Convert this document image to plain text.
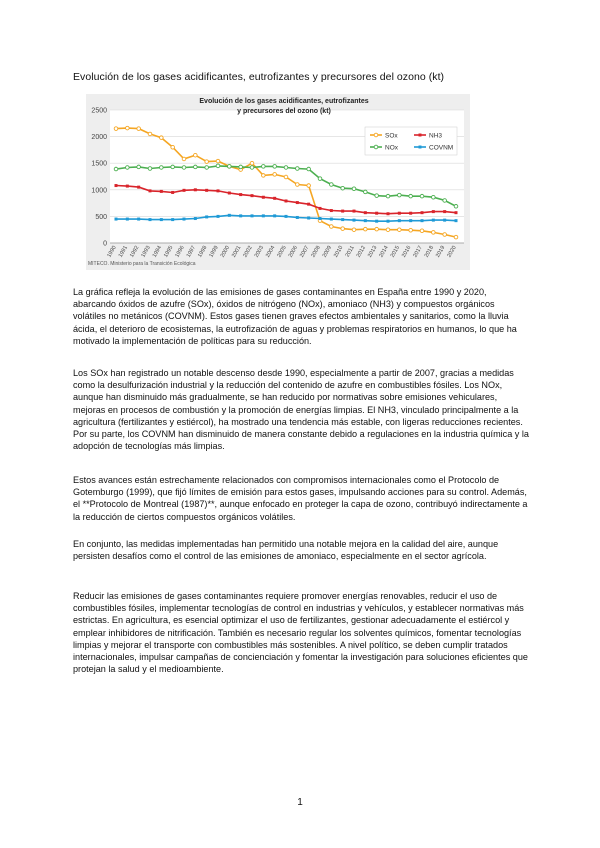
Evolución de los gases acidificantes, eutrofizantes y precursores del ozono (kt)
Evolución de los gases acidificantes, eutrofizantes
y precursores del ozono (kt)
0
500
1000
1500
2000
2500
1990 1991 1992 1993 1994 1995 1996 1997 1998 1999 2000 2001 2002 2003 2004 2005 2006 2007 2008 2009 2010 2011 2012 2013 2014 2015 2016 2017 2018 2019 2020
SOx	NH3
NOx	COVNM
MITECO. Ministerio para la Transición Ecológica

La gráfica refleja la evolución de las emisiones de gases contaminantes en España entre 1990 y 2020, abarcando óxidos de azufre (SOx), óxidos de nitrógeno (NOx), amoniaco (NH3) y compuestos orgánicos volátiles no metánicos (COVNM). Estos gases tienen graves efectos ambientales y sanitarios, como la lluvia ácida, el deterioro de ecosistemas, la eutrofización de aguas y problemas respiratorios en humanos, lo que ha motivado la implementación de políticas para su reducción.

Los SOx han registrado un notable descenso desde 1990, especialmente a partir de 2007, gracias a medidas como la desulfurización industrial y la reducción del contenido de azufre en combustibles fósiles. Los NOx, aunque han disminuido más gradualmente, se han reducido por normativas sobre emisiones vehiculares, mejoras en procesos de combustión y la promoción de energías limpias. El NH3, vinculado principalmente a la agricultura (fertilizantes y estiércol), ha mostrado una tendencia más estable, con ligeras reducciones recientes. Por su parte, los COVNM han disminuido de manera constante debido a regulaciones en la industria química y la adopción de tecnologías más limpias.

Estos avances están estrechamente relacionados con compromisos internacionales como el Protocolo de Gotemburgo (1999), que fijó límites de emisión para estos gases, impulsando acciones para su control. Además, el **Protocolo de Montreal (1987)**, aunque enfocado en proteger la capa de ozono, contribuyó indirectamente a la reducción de ciertos compuestos orgánicos volátiles.

En conjunto, las medidas implementadas han permitido una notable mejora en la calidad del aire, aunque persisten desafíos como el control de las emisiones de amoniaco, especialmente en el sector agrícola.

Reducir las emisiones de gases contaminantes requiere promover energías renovables, reducir el uso de combustibles fósiles, implementar tecnologías de control en industrias y vehículos, y establecer normativas más estrictas. En agricultura, es esencial optimizar el uso de fertilizantes, gestionar adecuadamente el estiércol y emplear inhibidores de nitrificación. También es necesario regular los solventes químicos, fomentar tecnologías limpias y mejorar el transporte con combustibles más sostenibles. A nivel político, se deben cumplir tratados internacionales, impulsar campañas de concienciación y fomentar la investigación para soluciones eficientes que protejan la salud y el medioambiente.

1
